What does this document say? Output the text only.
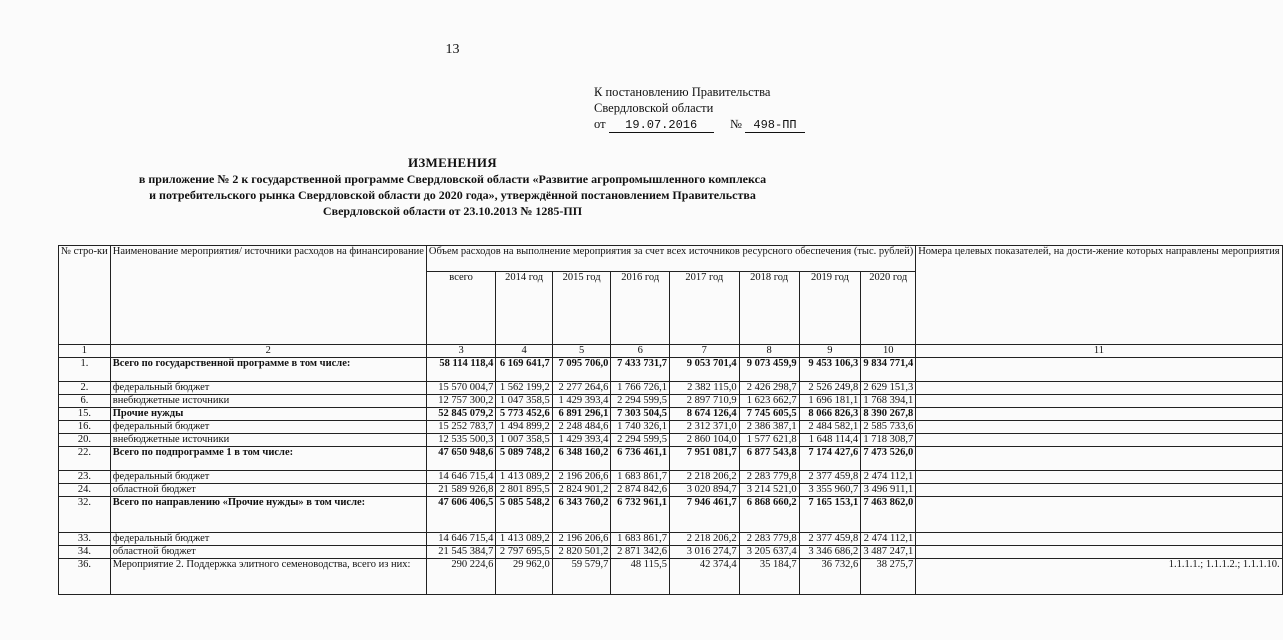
13
К постановлению Правительства
Свердловской области
от 19.07.2016	№ 498-ПП
ИЗМЕНЕНИЯ
в приложение № 2 к государственной программе Свердловской области «Развитие агропромышленного комплекса
и потребительского рынка Свердловской области до 2020 года», утверждённой постановлением Правительства
Свердловской области от 23.10.2013 № 1285-ПП
№ стро-ки	Наименование мероприятия/ источники расходов на финансирование	Объем расходов на выполнение мероприятия за счет всех источников ресурсного обеспечения (тыс. рублей)								Номера целевых показателей, на дости-жение которых направлены мероприятия
		всего	2014 год	2015 год	2016 год	2017 год	2018 год	2019 год	2020 год	
1	2	3	4	5	6	7	8	9	10	11
1.	Всего по государственной программе в том числе:	58 114 118,4	6 169 641,7	7 095 706,0	7 433 731,7	9 053 701,4	9 073 459,9	9 453 106,3	9 834 771,4	
2.	федеральный бюджет	15 570 004,7	1 562 199,2	2 277 264,6	1 766 726,1	2 382 115,0	2 426 298,7	2 526 249,8	2 629 151,3	
6.	внебюджетные источники	12 757 300,2	1 047 358,5	1 429 393,4	2 294 599,5	2 897 710,9	1 623 662,7	1 696 181,1	1 768 394,1	
15.	Прочие нужды	52 845 079,2	5 773 452,6	6 891 296,1	7 303 504,5	8 674 126,4	7 745 605,5	8 066 826,3	8 390 267,8	
16.	федеральный бюджет	15 252 783,7	1 494 899,2	2 248 484,6	1 740 326,1	2 312 371,0	2 386 387,1	2 484 582,1	2 585 733,6	
20.	внебюджетные источники	12 535 500,3	1 007 358,5	1 429 393,4	2 294 599,5	2 860 104,0	1 577 621,8	1 648 114,4	1 718 308,7	
22.	Всего по подпрограмме 1 в том числе:	47 650 948,6	5 089 748,2	6 348 160,2	6 736 461,1	7 951 081,7	6 877 543,8	7 174 427,6	7 473 526,0	
23.	федеральный бюджет	14 646 715,4	1 413 089,2	2 196 206,6	1 683 861,7	2 218 206,2	2 283 779,8	2 377 459,8	2 474 112,1	
24.	областной бюджет	21 589 926,8	2 801 895,5	2 824 901,2	2 874 842,6	3 020 894,7	3 214 521,0	3 355 960,7	3 496 911,1	
32.	Всего по направлению «Прочие нужды» в том числе:	47 606 406,5	5 085 548,2	6 343 760,2	6 732 961,1	7 946 461,7	6 868 660,2	7 165 153,1	7 463 862,0	
33.	федеральный бюджет	14 646 715,4	1 413 089,2	2 196 206,6	1 683 861,7	2 218 206,2	2 283 779,8	2 377 459,8	2 474 112,1	
34.	областной бюджет	21 545 384,7	2 797 695,5	2 820 501,2	2 871 342,6	3 016 274,7	3 205 637,4	3 346 686,2	3 487 247,1	
36.	Мероприятие 2. Поддержка элитного семеноводства, всего из них:	290 224,6	29 962,0	59 579,7	48 115,5	42 374,4	35 184,7	36 732,6	38 275,7	1.1.1.1.; 1.1.1.2.; 1.1.1.10.
